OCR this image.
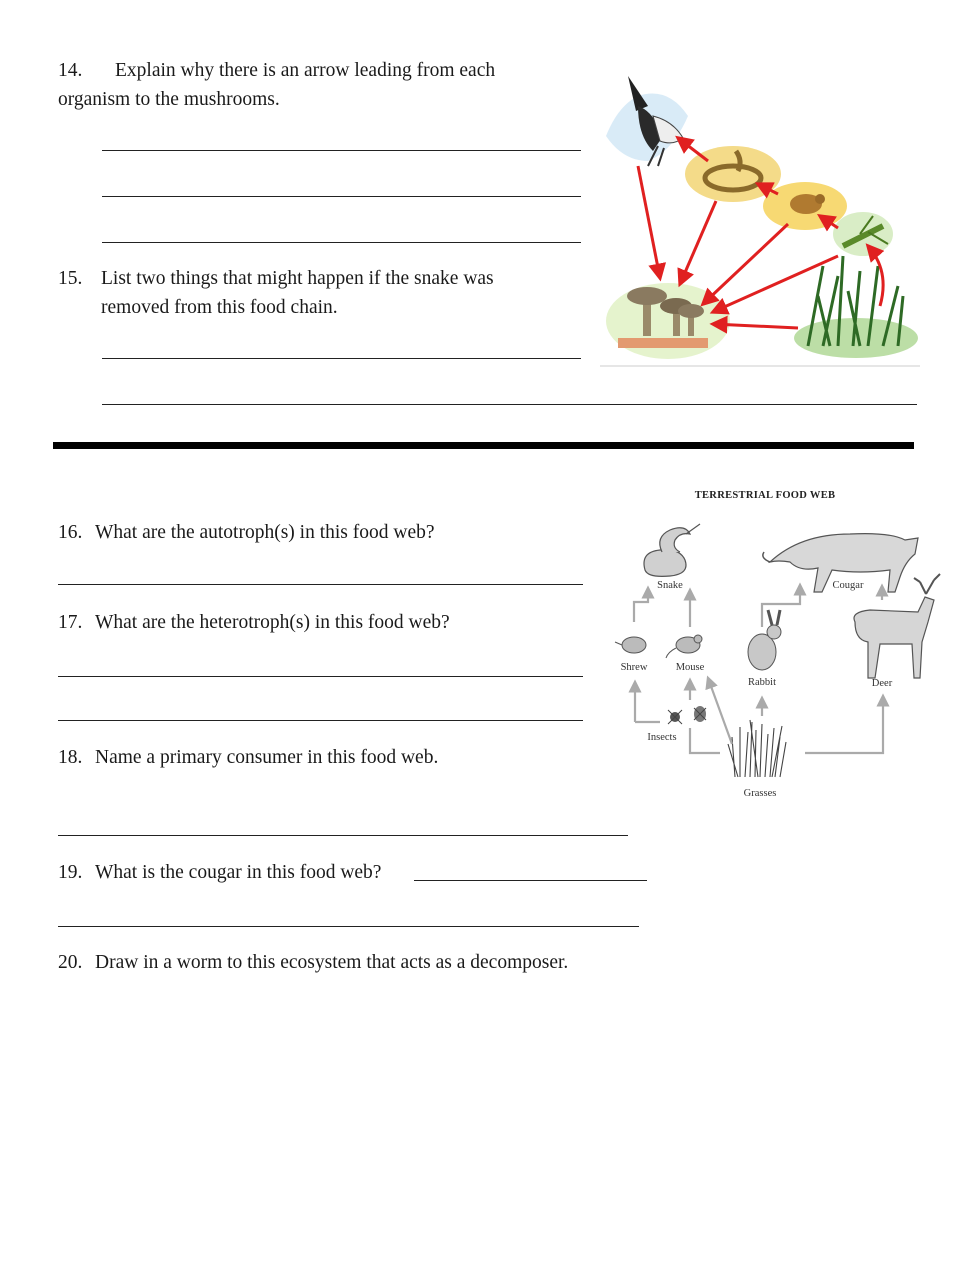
14. Explain why there is an arrow leading from each
organism to the mushrooms.
15. List two things that might happen if the snake was
removed from this food chain.
16. What are the autotroph(s) in this food web?
17. What are the heterotroph(s) in this food web?
18. Name a primary consumer in this food web.
19. What is the cougar in this food web?
20. Draw in a worm to this ecosystem that acts as a decomposer.
TERRESTRIAL FOOD WEB
Snake	Cougar
Shrew	Mouse
Rabbit	Deer
Insects
Grasses
